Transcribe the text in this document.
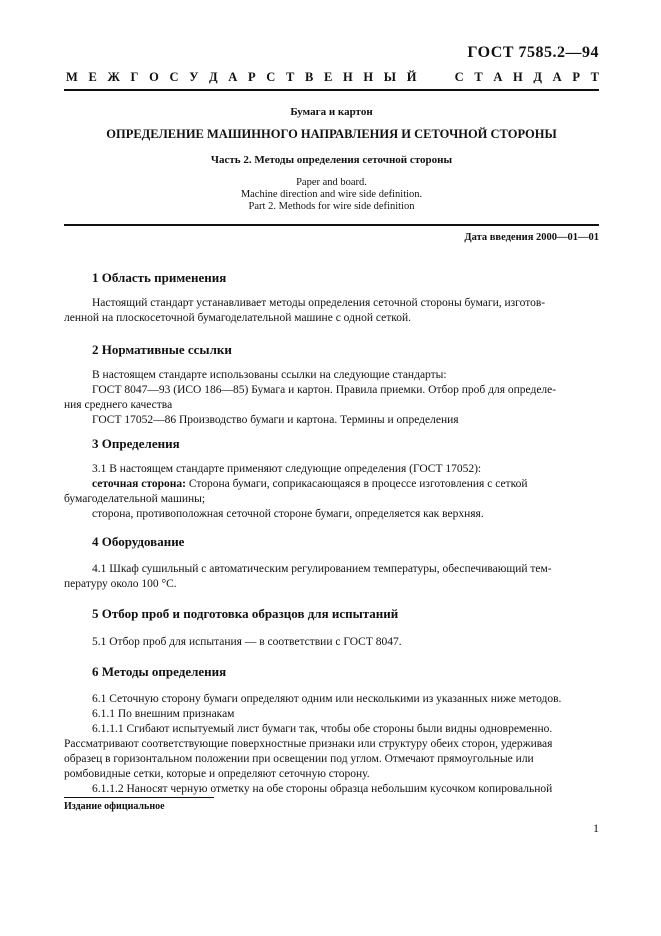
ГОСТ 7585.2—94
М Е Ж Г О С У Д А Р С Т В Е Н Н Ы Й

	С Т А Н Д А Р Т
Бумага и картон
ОПРЕДЕЛЕНИЕ МАШИННОГО НАПРАВЛЕНИЯ И СЕТОЧНОЙ СТОРОНЫ
Часть 2. Методы определения сеточной стороны
Paper and board.
Machine direction and wire side definition.
Part 2. Methods for wire side definition
Дата введения 2000—01—01
1 Область применения
Настоящий стандарт устанавливает методы определения сеточной стороны бумаги, изготов-
ленной на плоскосеточной бумагоделательной машине с одной сеткой.
2 Нормативные ссылки
В настоящем стандарте использованы ссылки на следующие стандарты:
ГОСТ 8047—93 (ИСО 186—85) Бумага и картон. Правила приемки. Отбор проб для определе-
ния среднего качества
ГОСТ 17052—86 Производство бумаги и картона. Термины и определения
3 Определения
3.1 В настоящем стандарте применяют следующие определения (ГОСТ 17052):
сеточная сторона: Сторона бумаги, соприкасающаяся в процессе изготовления с сеткой
бумагоделательной машины;
сторона, противоположная сеточной стороне бумаги, определяется как верхняя.
4 Оборудование
4.1 Шкаф сушильный с автоматическим регулированием температуры, обеспечивающий тем-
пературу около 100 °С.
5 Отбор проб и подготовка образцов для испытаний
5.1 Отбор проб для испытания — в соответствии с ГОСТ 8047.
6 Методы определения
6.1 Сеточную сторону бумаги определяют одним или несколькими из указанных ниже методов.
6.1.1 По внешним признакам
6.1.1.1 Сгибают испытуемый лист бумаги так, чтобы обе стороны были видны одновременно.
Рассматривают соответствующие поверхностные признаки или структуру обеих сторон, удерживая
образец в горизонтальном положении при освещении под углом. Отмечают прямоугольные или
ромбовидные сетки, которые и определяют сеточную сторону.
6.1.1.2 Наносят черную отметку на обе стороны образца небольшим кусочком копировальной
Издание официальное
1
